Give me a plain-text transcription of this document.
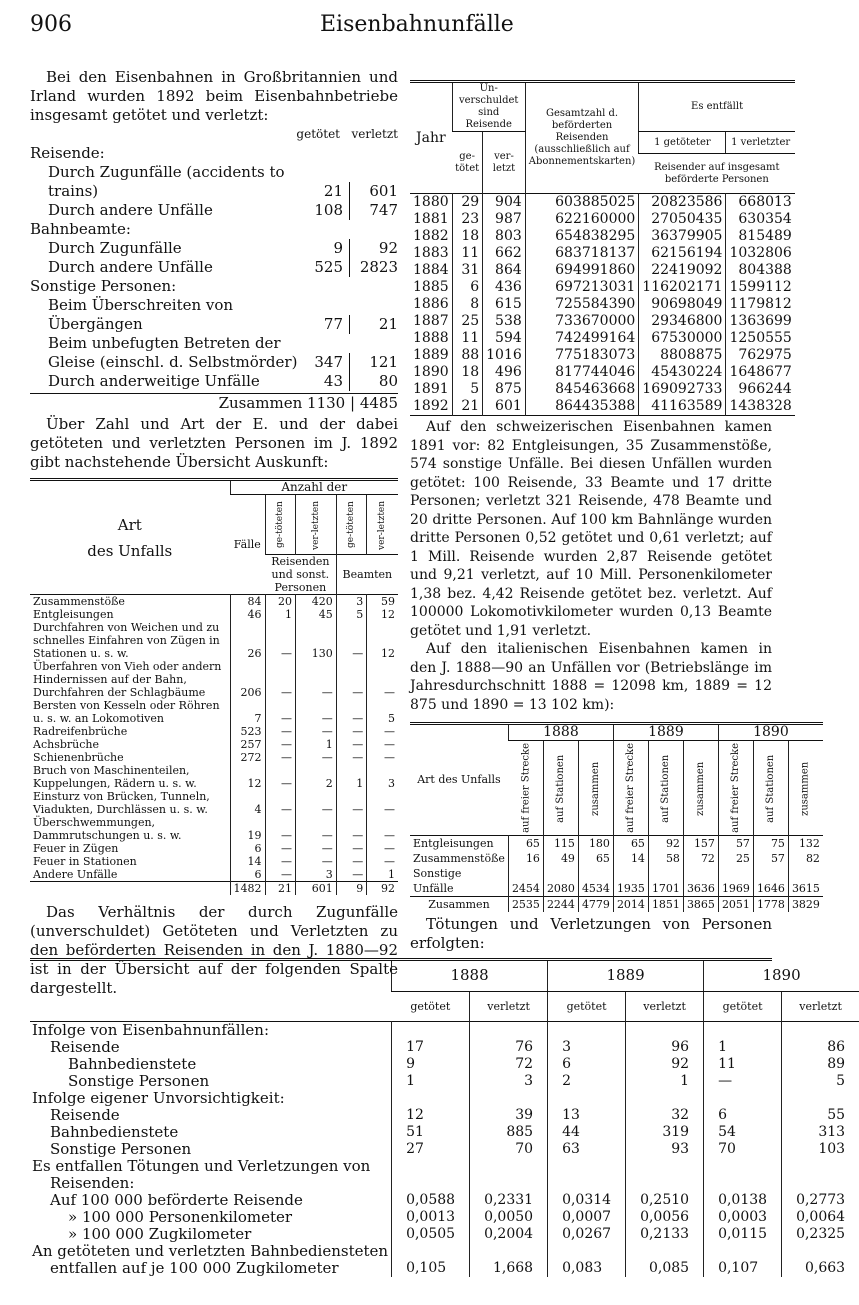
906	Eisenbahnunfälle
Bei den Eisenbahnen in Großbritannien und Irland wurden 1892 beim Eisenbahnbetriebe insgesamt getötet und verletzt:
getötet verletzt
Reisende:
Durch Zugunfälle (accidents to trains)	21	601
Durch andere Unfälle	108	747
Bahnbeamte:
Durch Zugunfälle	9	92
Durch andere Unfälle	525	2823
Sonstige Personen:
Beim Überschreiten von Übergängen	77	21
Beim unbefugten Betreten der Gleise (einschl. d. Selbstmörder)	347	121
Durch anderweitige Unfälle	43	80
Zusammen 1130 | 4485
Über Zahl und Art der E. und der dabei getöteten und verletzten Personen im J. 1892 gibt nachstehende Übersicht Auskunft:
Art
des Unfalls	Anzahl der				
	Fälle	ge-töteten	ver-letzten	ge-töteten	ver-letzten
		Reisenden und sonst. Personen		Beamten	
Zusammenstöße	84	20	420	3	59
Entgleisungen	46	1	45	5	12
Durchfahren von Weichen und zu schnelles Einfahren von Zügen in Stationen u. s. w.	26	—	130	—	12
Überfahren von Vieh oder andern Hindernissen auf der Bahn, Durchfahren der Schlagbäume	206	—	—	—	—
Bersten von Kesseln oder Röhren u. s. w. an Lokomotiven	7	—	—	—	5
Radreifenbrüche	523	—	—	—	—
Achsbrüche	257	—	1	—	—
Schienenbrüche	272	—	—	—	—
Bruch von Maschinenteilen, Kuppelungen, Rädern u. s. w.	12	—	2	1	3
Einsturz von Brücken, Tunneln, Viadukten, Durchlässen u. s. w.	4	—	—	—	—
Überschwemmungen, Dammrutschungen u. s. w.	19	—	—	—	—
Feuer in Zügen	6	—	—	—	—
Feuer in Stationen	14	—	—	—	—
Andere Unfälle	6	—	3	—	1
	1482	21	601	9	92
Das Verhältnis der durch Zugunfälle (unverschuldet) Getöteten und Verletzten zu den beförderten Reisenden in den J. 1880—92 ist in der Übersicht auf der folgenden Spalte dargestellt.
Jahr	Un-verschuldet sind Reisende		Gesamtzahl d. beförderten Reisenden (ausschließlich auf Abonnementskarten)	Es entfällt	
	ge-tötet	ver-letzt		1 getöteter	1 verletzter
				Reisender auf insgesamt beförderte Personen	
1880	29	904	603885025	20823586	668013
1881	23	987	622160000	27050435	630354
1882	18	803	654838295	36379905	815489
1883	11	662	683718137	62156194	1032806
1884	31	864	694991860	22419092	804388
1885	6	436	697213031	116202171	1599112
1886	8	615	725584390	90698049	1179812
1887	25	538	733670000	29346800	1363699
1888	11	594	742499164	67530000	1250555
1889	88	1016	775183073	8808875	762975
1890	18	496	817744046	45430224	1648677
1891	5	875	845463668	169092733	966244
1892	21	601	864435388	41163589	1438328
Auf den schweizerischen Eisenbahnen kamen 1891 vor: 82 Entgleisungen, 35 Zusammenstöße, 574 sonstige Unfälle. Bei diesen Unfällen wurden getötet: 100 Reisende, 33 Beamte und 17 dritte Personen; verletzt 321 Reisende, 478 Beamte und 20 dritte Personen. Auf 100 km Bahnlänge wurden dritte Personen 0,52 getötet und 0,61 verletzt; auf 1 Mill. Reisende wurden 2,87 Reisende getötet und 9,21 verletzt, auf 10 Mill. Personenkilometer 1,38 bez. 4,42 Reisende getötet bez. verletzt. Auf 100000 Lokomotivkilometer wurden 0,13 Beamte getötet und 1,91 verletzt.
Auf den italienischen Eisenbahnen kamen in den J. 1888—90 an Unfällen vor (Betriebslänge im Jahresdurchschnitt 1888 = 12098 km, 1889 = 12 875 und 1890 = 13 102 km):
Art des Unfalls	1888			1889			1890		
	auf freier Strecke	auf Stationen	zusammen	auf freier Strecke	auf Stationen	zusammen	auf freier Strecke	auf Stationen	zusammen
Entgleisungen	65	115	180	65	92	157	57	75	132
Zusammenstöße	16	49	65	14	58	72	25	57	82
Sonstige Unfälle	2454	2080	4534	1935	1701	3636	1969	1646	3615
Zusammen	2535	2244	4779	2014	1851	3865	2051	1778	3829
Tötungen und Verletzungen von Personen erfolgten:
	1888		1889		1890	
	getötet	verletzt	getötet	verletzt	getötet	verletzt
Infolge von Eisenbahnunfällen:						
Reisende	17	76	3	96	1	86
Bahnbedienstete	9	72	6	92	11	89
Sonstige Personen	1	3	2	1	—	5
Infolge eigener Unvorsichtigkeit:						
Reisende	12	39	13	32	6	55
Bahnbedienstete	51	885	44	319	54	313
Sonstige Personen	27	70	63	93	70	103
Es entfallen Tötungen und Verletzungen von						
Reisenden:						
Auf 100 000 beförderte Reisende	0,0588	0,2331	0,0314	0,2510	0,0138	0,2773
» 100 000 Personenkilometer	0,0013	0,0050	0,0007	0,0056	0,0003	0,0064
» 100 000 Zugkilometer	0,0505	0,2004	0,0267	0,2133	0,0115	0,2325
An getöteten und verletzten Bahnbediensteten						
entfallen auf je 100 000 Zugkilometer	0,105	1,668	0,083	0,085	0,107	0,663
